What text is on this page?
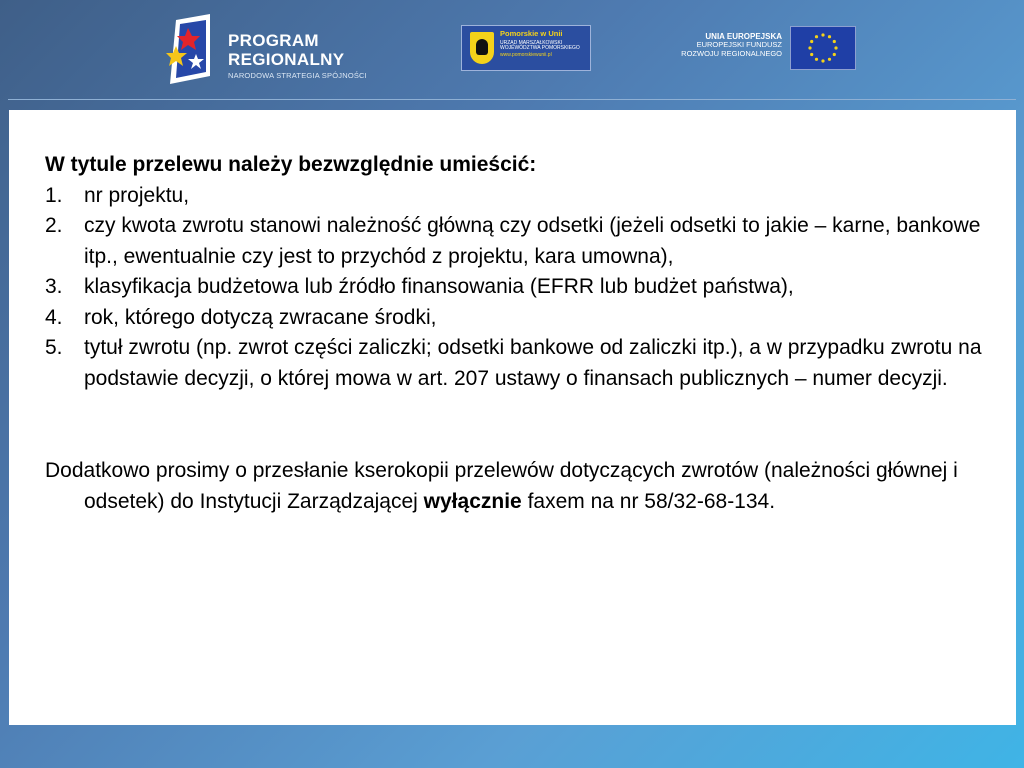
PROGRAM
REGIONALNY
NARODOWA STRATEGIA SPÓJNOŚCI
Pomorskie w Unii
URZĄD MARSZAŁKOWSKI
WOJEWÓDZTWA POMORSKIEGO
www.pomorskiewunii.pl
UNIA EUROPEJSKA
EUROPEJSKI FUNDUSZ
ROZWOJU REGIONALNEGO

W tytule przelewu należy bezwzględnie umieścić:

1. nr projektu,
2. czy kwota zwrotu stanowi należność główną czy odsetki (jeżeli odsetki to jakie – karne, bankowe itp., ewentualnie czy jest to przychód z projektu, kara umowna),
3. klasyfikacja budżetowa lub źródło finansowania (EFRR lub budżet państwa),
4. rok, którego dotyczą zwracane środki,
5. tytuł zwrotu (np. zwrot części zaliczki; odsetki bankowe od zaliczki itp.), a w przypadku zwrotu na podstawie decyzji, o której mowa w art. 207 ustawy o finansach publicznych – numer decyzji.

Dodatkowo prosimy o przesłanie kserokopii przelewów dotyczących zwrotów (należności głównej i odsetek) do Instytucji Zarządzającej wyłącznie faxem na nr 58/32-68-134.
